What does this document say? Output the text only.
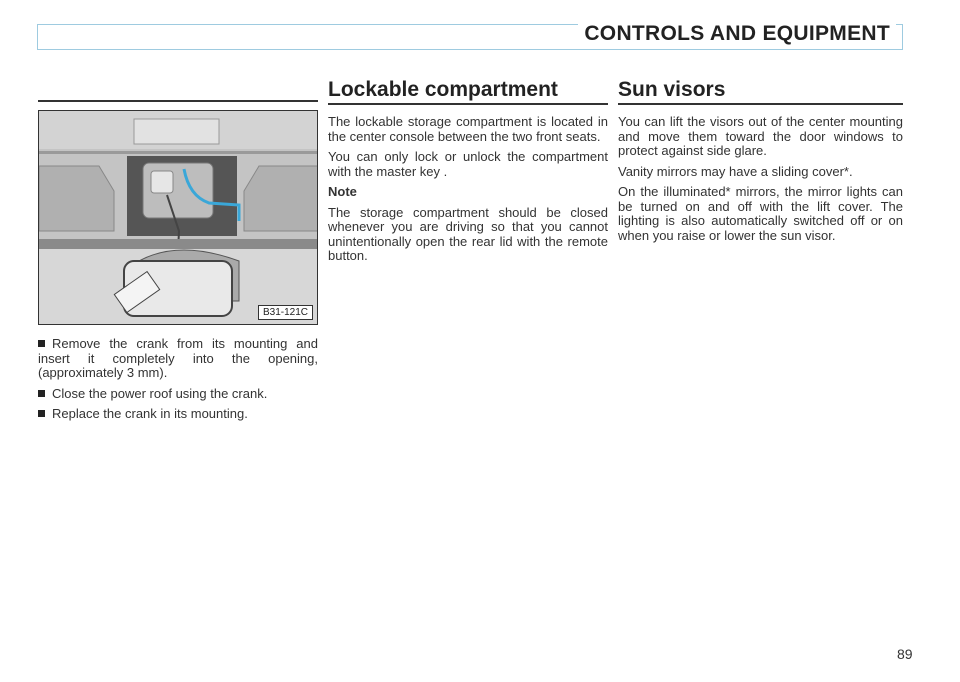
CONTROLS AND EQUIPMENT
B31-121C

Remove the crank from its mounting and insert it completely into the opening, (approximately 3 mm).

Close the power roof using the crank.

Replace the crank in its mounting.

Lockable compartment

The lockable storage compartment is located in the center console between the two front seats.

You can only lock or unlock the compartment with the master key .

Note

The storage compartment should be closed whenever you are driving so that you cannot unintentionally open the rear lid with the remote button.

Sun visors

You can lift the visors out of the center mounting and move them toward the door windows to protect against side glare.

Vanity mirrors may have a sliding cover*.

On the illuminated* mirrors, the mirror lights can be turned on and off with the lift cover. The lighting is also automatically switched off or on when you raise or lower the sun visor.

89
